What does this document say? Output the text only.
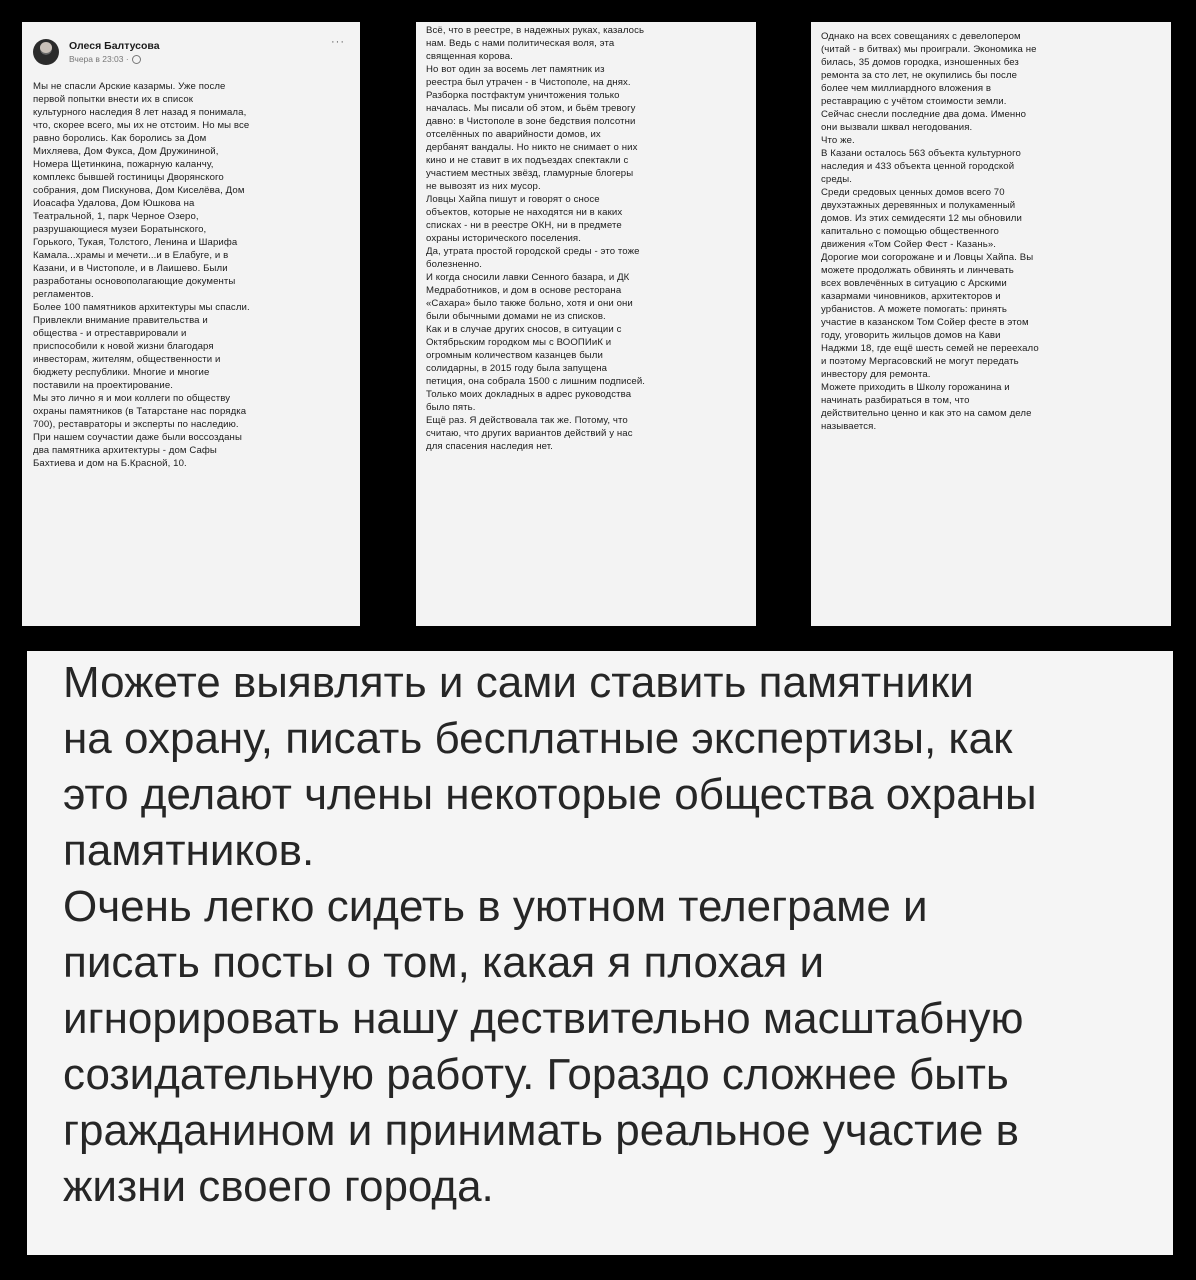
Олеся Балтусова
Вчера в 23:03 ·
···
Мы не спасли Арские казармы. Уже после
первой попытки внести их в список
культурного наследия 8 лет назад я понимала,
что, скорее всего, мы их не отстоим. Но мы все
равно боролись. Как боролись за Дом
Михляева, Дом Фукса, Дом Дружининой,
Номера Щетинкина, пожарную каланчу,
комплекс бывшей гостиницы Дворянского
собрания, дом Пискунова, Дом Киселёва, Дом
Иоасафа Удалова, Дом Юшкова на
Театральной, 1, парк Черное Озеро,
разрушающиеся музеи Боратынского,
Горького, Тукая, Толстого, Ленина и Шарифа
Камала...храмы и мечети...и в Елабуге, и в
Казани, и в Чистополе, и в Лаишево. Были
разработаны основополагающие документы
регламентов.
Более 100 памятников архитектуры мы спасли.
Привлекли внимание правительства и
общества - и отреставрировали и
приспособили к новой жизни благодаря
инвесторам, жителям, общественности и
бюджету республики. Многие и многие
поставили на проектирование.
Мы это лично я и мои коллеги по обществу
охраны памятников (в Татарстане нас порядка
700), реставраторы и эксперты по наследию.
При нашем соучастии даже были воссозданы
два памятника архитектуры - дом Сафы
Бахтиева и дом на Б.Красной, 10.
Всё, что в реестре, в надежных руках, казалось
нам. Ведь с нами политическая воля, эта
священная корова.
Но вот один за восемь лет памятник из
реестра был утрачен - в Чистополе, на днях.
Разборка постфактум уничтожения только
началась. Мы писали об этом, и бьём тревогу
давно: в Чистополе в зоне бедствия полсотни
отселённых по аварийности домов, их
дербанят вандалы. Но никто не снимает о них
кино и не ставит в их подъездах спектакли с
участием местных звёзд, гламурные блогеры
не вывозят из них мусор.
Ловцы Хайпа пишут и говорят о сносе
объектов, которые не находятся ни в каких
списках - ни в реестре ОКН, ни в предмете
охраны исторического поселения.
Да, утрата простой городской среды - это тоже
болезненно.
И когда сносили лавки Сенного базара, и ДК
Медработников, и дом в основе ресторана
«Сахара» было также больно, хотя и они они
были обычными домами не из списков.
Как и в случае других сносов, в ситуации с
Октябрьским городком мы с ВООПИиК и
огромным количеством казанцев были
солидарны, в 2015 году была запущена
петиция, она собрала 1500 с лишним подписей.
Только моих докладных в адрес руководства
было пять.
Ещё раз. Я действовала так же. Потому, что
считаю, что других вариантов действий у нас
для спасения наследия нет.
Однако на всех совещаниях с девелопером
(читай - в битвах) мы проиграли. Экономика не
билась, 35 домов городка, изношенных без
ремонта за сто лет, не окупились бы после
более чем миллиардного вложения в
реставрацию с учётом стоимости земли.
Сейчас снесли последние два дома. Именно
они вызвали шквал негодования.
Что же.
В Казани осталось 563 объекта культурного
наследия и 433 объекта ценной городской
среды.
Среди средовых ценных домов всего 70
двухэтажных деревянных и полукаменный
домов. Из этих семидесяти 12 мы обновили
капитально с помощью общественного
движения «Том Сойер Фест - Казань».
Дорогие мои согорожане и и Ловцы Хайпа. Вы
можете продолжать обвинять и линчевать
всех вовлечённых в ситуацию с Арскими
казармами чиновников, архитекторов и
урбанистов. А можете помогать: принять
участие в казанском Том Сойер фесте в этом
году, уговорить жильцов домов на Кави
Наджми 18, где ещё шесть семей не переехало
и поэтому Мергасовский не могут передать
инвестору для ремонта.
Можете приходить в Школу горожанина и
начинать разбираться в том, что
действительно ценно и как это на самом деле
называется.
Можете выявлять и сами ставить памятники
на охрану, писать бесплатные экспертизы, как
это делают члены некоторые общества охраны
памятников.
Очень легко сидеть в уютном телеграме и
писать посты о том, какая я плохая и
игнорировать нашу дествительно масштабную
созидательную работу. Гораздо сложнее быть
гражданином и принимать реальное участие в
жизни своего города.
